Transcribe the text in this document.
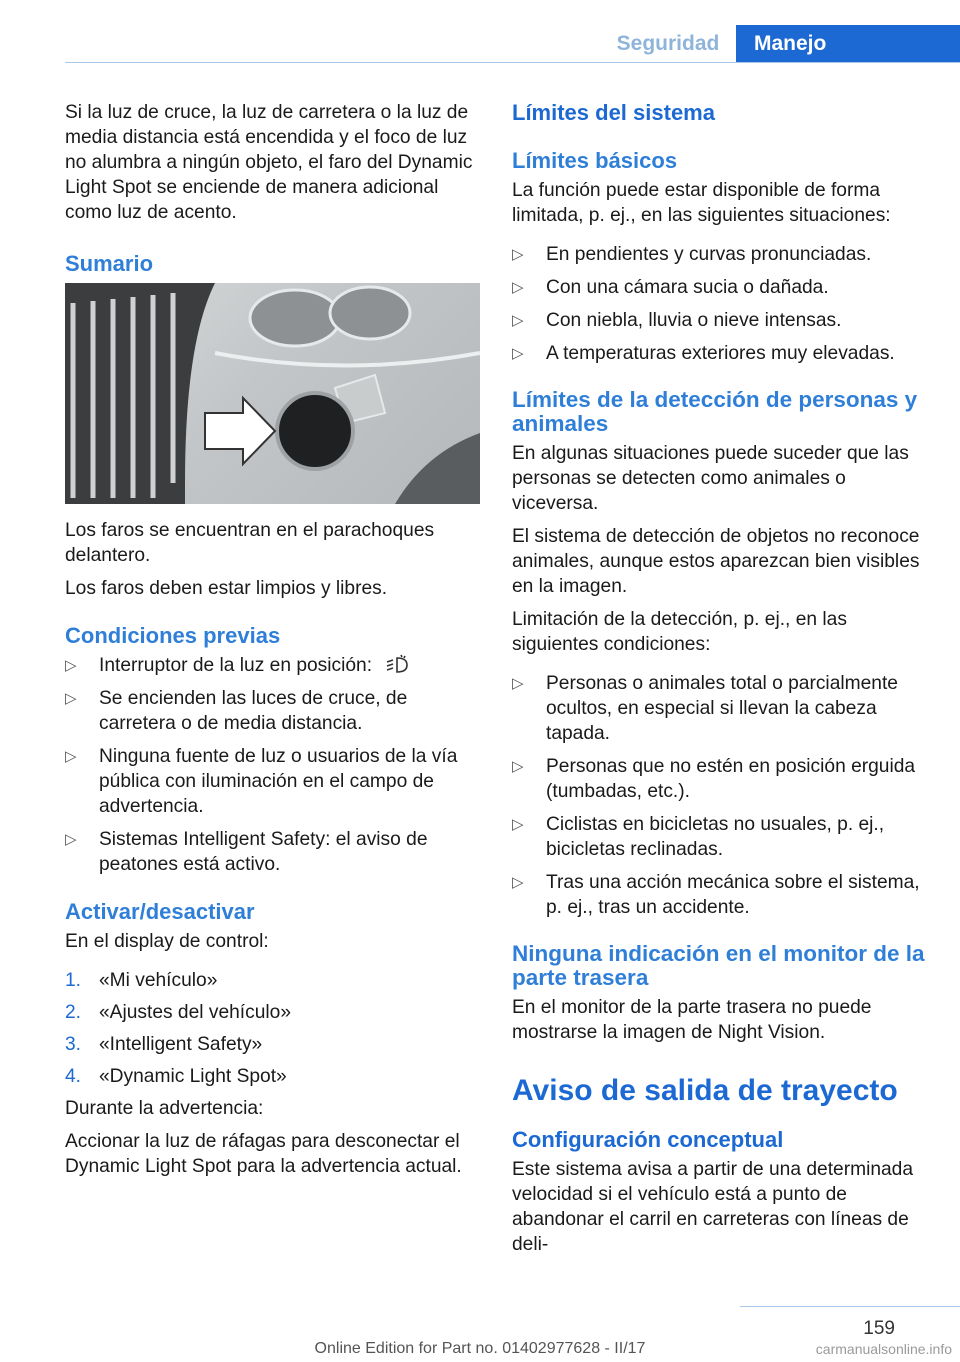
Seguridad	Manejo

Si la luz de cruce, la luz de carretera o la luz de media distancia está encendida y el foco de luz no alumbra a ningún objeto, el faro del Dynamic Light Spot se enciende de manera adicional como luz de acento.

Sumario

Los faros se encuentran en el parachoques delantero.

Los faros deben estar limpios y libres.

Condiciones previas
▷ Interruptor de la luz en posición:
▷ Se encienden las luces de cruce, de carretera o de media distancia.
▷ Ninguna fuente de luz o usuarios de la vía pública con iluminación en el campo de advertencia.
▷ Sistemas Intelligent Safety: el aviso de peatones está activo.
Activar/desactivar

En el display de control:

1. «Mi vehículo»
2. «Ajustes del vehículo»
3. «Intelligent Safety»
4. «Dynamic Light Spot»

Durante la advertencia:

Accionar la luz de ráfagas para desconectar el Dynamic Light Spot para la advertencia actual.

Límites del sistema
Límites básicos

La función puede estar disponible de forma limitada, p. ej., en las siguientes situaciones:

▷ En pendientes y curvas pronunciadas.
▷ Con una cámara sucia o dañada.
▷ Con niebla, lluvia o nieve intensas.
▷ A temperaturas exteriores muy elevadas.
Límites de la detección de personas y animales

En algunas situaciones puede suceder que las personas se detecten como animales o viceversa.

El sistema de detección de objetos no reconoce animales, aunque estos aparezcan bien visibles en la imagen.

Limitación de la detección, p. ej., en las siguientes condiciones:

▷ Personas o animales total o parcialmente ocultos, en especial si llevan la cabeza tapada.
▷ Personas que no estén en posición erguida (tumbadas, etc.).
▷ Ciclistas en bicicletas no usuales, p. ej., bicicletas reclinadas.
▷ Tras una acción mecánica sobre el sistema, p. ej., tras un accidente.
Ninguna indicación en el monitor de la parte trasera

En el monitor de la parte trasera no puede mostrarse la imagen de Night Vision.

Aviso de salida de trayecto
Configuración conceptual

Este sistema avisa a partir de una determinada velocidad si el vehículo está a punto de abandonar el carril en carreteras con líneas de deli-

159
Online Edition for Part no. 01402977628 - II/17	carmanualsonline.info
